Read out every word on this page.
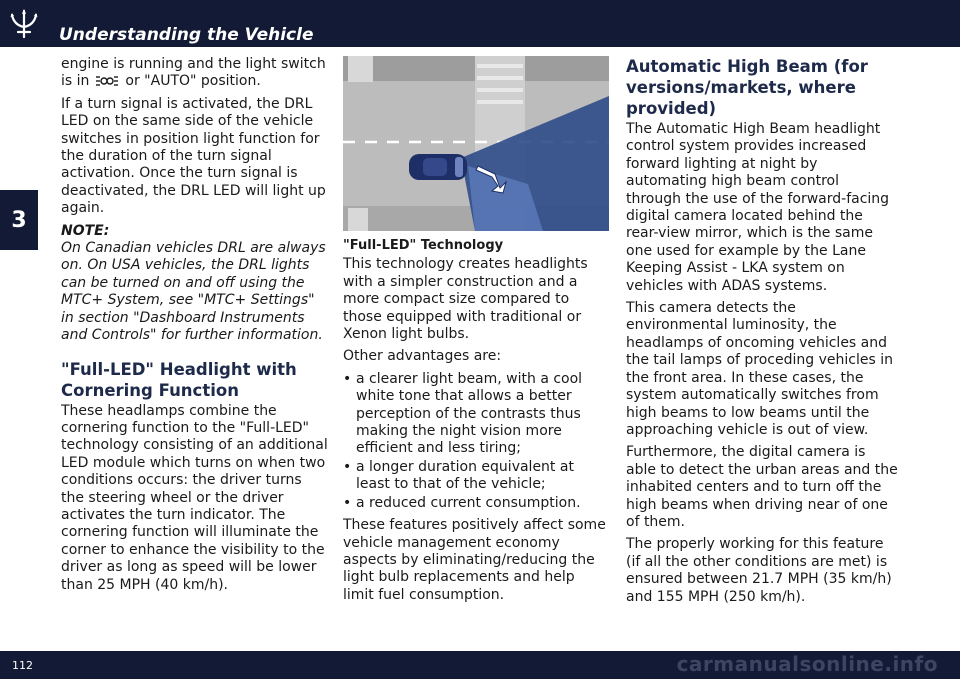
Understanding the Vehicle
3

engine is running and the light switch is in	or "AUTO" position.

If a turn signal is activated, the DRL LED on the same side of the vehicle switches in position light function for the duration of the turn signal activation. Once the turn signal is deactivated, the DRL LED will light up again.

NOTE:

On Canadian vehicles DRL are always on. On USA vehicles, the DRL lights can be turned on and off using the MTC+ System, see "MTC+ Settings" in section "Dashboard Instruments and Controls" for further information.

"Full-LED" Headlight with Cornering Function

These headlamps combine the cornering function to the "Full-LED" technology consisting of an additional LED module which turns on when two conditions occurs: the driver turns the steering wheel or the driver activates the turn indicator. The cornering function will illuminate the corner to enhance the visibility to the driver as long as speed will be lower than 25 MPH (40 km/h).

"Full-LED" Technology

This technology creates headlights with a simpler construction and a more compact size compared to those equipped with traditional or Xenon light bulbs.

Other advantages are:

• a clearer light beam, with a cool white tone that allows a better perception of the contrasts thus making the night vision more efficient and less tiring;
• a longer duration equivalent at least to that of the vehicle;
• a reduced current consumption.

These features positively affect some vehicle management economy aspects by eliminating/reducing the light bulb replacements and help limit fuel consumption.

Automatic High Beam (for versions/markets, where provided)

The Automatic High Beam headlight control system provides increased forward lighting at night by automating high beam control through the use of the forward-facing digital camera located behind the rear-view mirror, which is the same one used for example by the Lane Keeping Assist - LKA system on vehicles with ADAS systems.

This camera detects the environmental luminosity, the headlamps of oncoming vehicles and the tail lamps of proceding vehicles in the front area. In these cases, the system automatically switches from high beams to low beams until the approaching vehicle is out of view.

Furthermore, the digital camera is able to detect the urban areas and the inhabited centers and to turn off the high beams when driving near of one of them.

The properly working for this feature (if all the other conditions are met) is ensured between 21.7 MPH (35 km/h) and 155 MPH (250 km/h).

112	carmanualsonline.info
